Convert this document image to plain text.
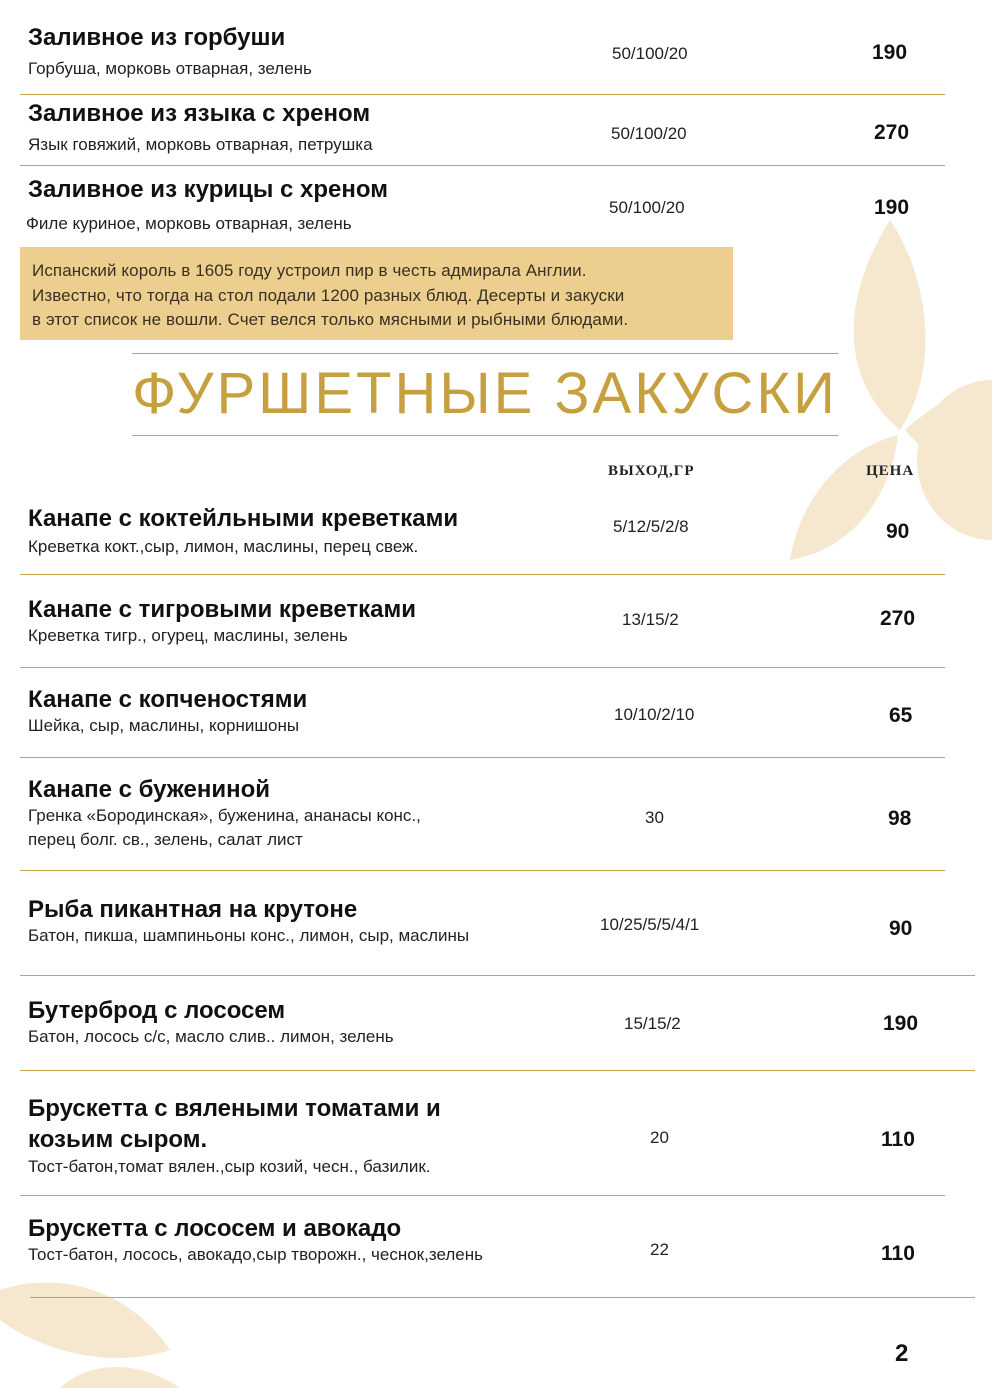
Заливное из горбуши
Горбуша, морковь отварная, зелень
50/100/20	190
Заливное из языка с хреном
Язык говяжий, морковь отварная, петрушка
50/100/20	270
Заливное из курицы с хреном
Филе куриное, морковь отварная, зелень
50/100/20	190
Испанский король в 1605 году устроил пир в честь адмирала Англии.
Известно, что тогда на стол подали 1200 разных блюд. Десерты и закуски
в этот список не вошли. Счет велся только мясными и рыбными блюдами.
ФУРШЕТНЫЕ ЗАКУСКИ
ВЫХОД,ГР	ЦЕНА
Канапе с коктейльными креветками
Креветка кокт.,сыр, лимон, маслины, перец свеж.
5/12/5/2/8	90
Канапе с тигровыми креветками
Креветка тигр., огурец, маслины, зелень
13/15/2	270
Канапе с копченостями
Шейка, сыр, маслины, корнишоны
10/10/2/10	65
Канапе с бужениной
Гренка «Бородинская», буженина, ананасы конс.,
перец болг. св., зелень, салат лист
30	98
Рыба пикантная на крутоне
Батон, пикша, шампиньоны конс., лимон, сыр, маслины
10/25/5/5/4/1	90
Бутерброд с лососем
Батон, лосось с/с, масло слив.. лимон, зелень
15/15/2	190
Брускетта с вялеными томатами и
козьим сыром.
Тост-батон,томат вялен.,сыр козий, чесн., базилик.
20	110
Брускетта с лососем и авокадо
Тост-батон, лосось, авокадо,сыр творожн., чеснок,зелень	22	110
2
